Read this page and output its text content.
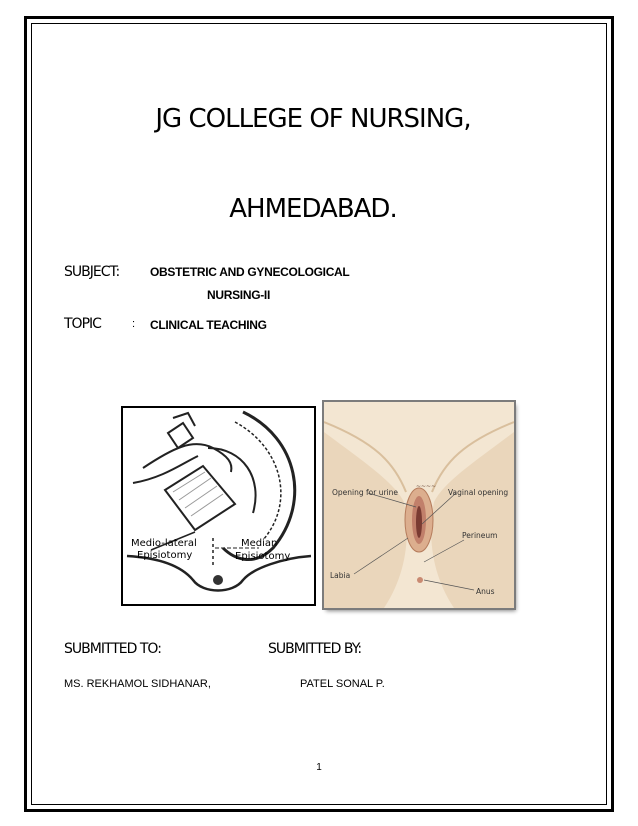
JG COLLEGE OF NURSING,
AHMEDABAD.
SUBJECT:	OBSTETRIC AND GYNECOLOGICAL
NURSING-II
TOPIC	: CLINICAL TEACHING
Medio-lateral
Episiotomy
Median
Episiotomy
~~~~
Opening for urine	Vaginal opening
Perineum
Labia
Anus
SUBMITTED TO:	SUBMITTED BY:
MS. REKHAMOL SIDHANAR,	PATEL SONAL P.
1
